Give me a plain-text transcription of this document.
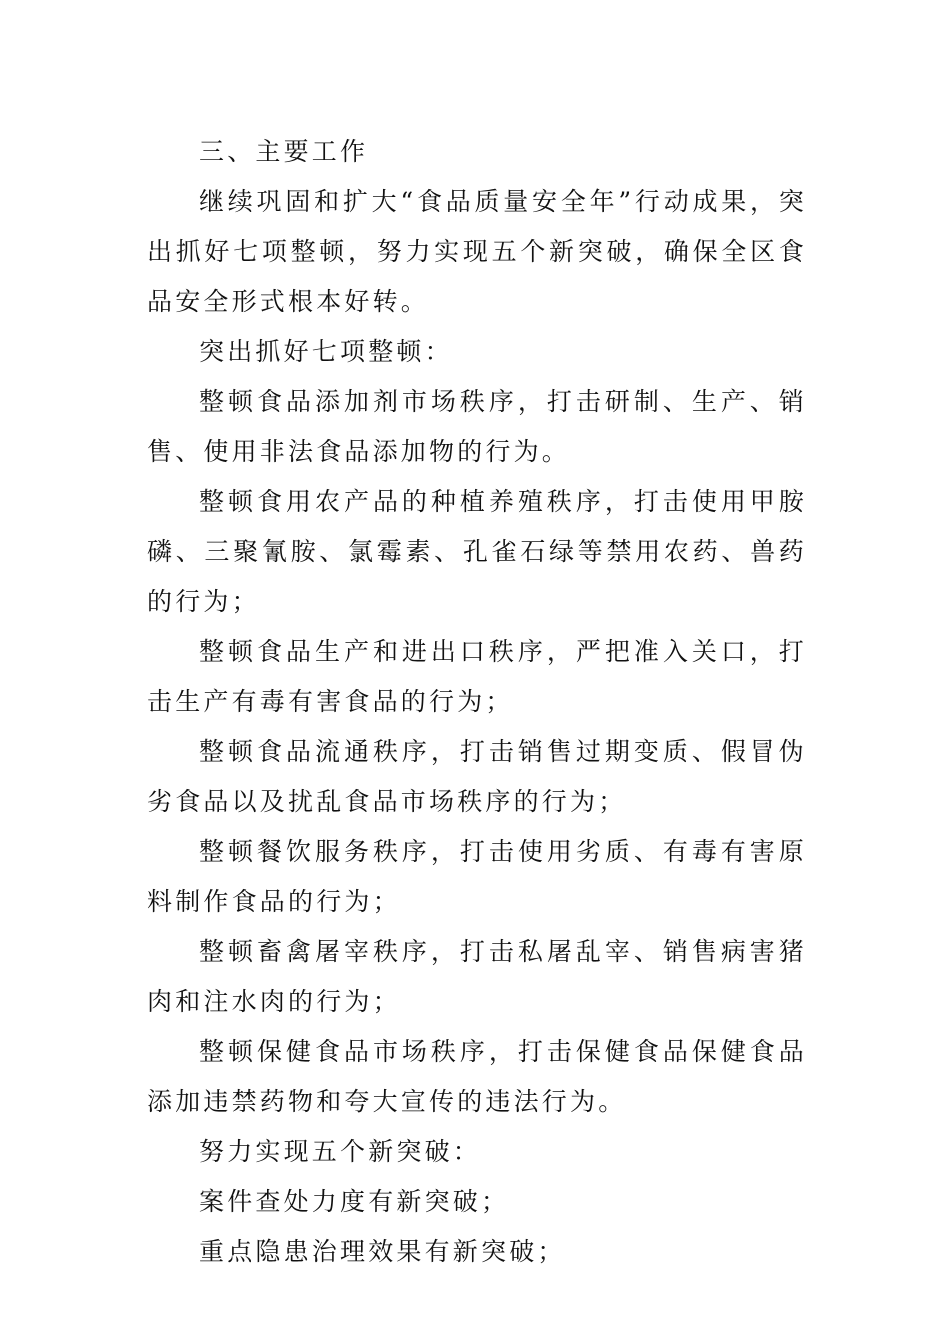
三、主要工作

继续巩固和扩大“食品质量安全年”行动成果，突出抓好七项整顿，努力实现五个新突破，确保全区食品安全形式根本好转。

突出抓好七项整顿：

整顿食品添加剂市场秩序，打击研制、生产、销售、使用非法食品添加物的行为。

整顿食用农产品的种植养殖秩序，打击使用甲胺磷、三聚氰胺、氯霉素、孔雀石绿等禁用农药、兽药的行为；

整顿食品生产和进出口秩序，严把准入关口，打击生产有毒有害食品的行为；

整顿食品流通秩序，打击销售过期变质、假冒伪劣食品以及扰乱食品市场秩序的行为；

整顿餐饮服务秩序，打击使用劣质、有毒有害原料制作食品的行为；

整顿畜禽屠宰秩序，打击私屠乱宰、销售病害猪肉和注水肉的行为；

整顿保健食品市场秩序，打击保健食品保健食品添加违禁药物和夸大宣传的违法行为。

努力实现五个新突破：

案件查处力度有新突破；

重点隐患治理效果有新突破；
